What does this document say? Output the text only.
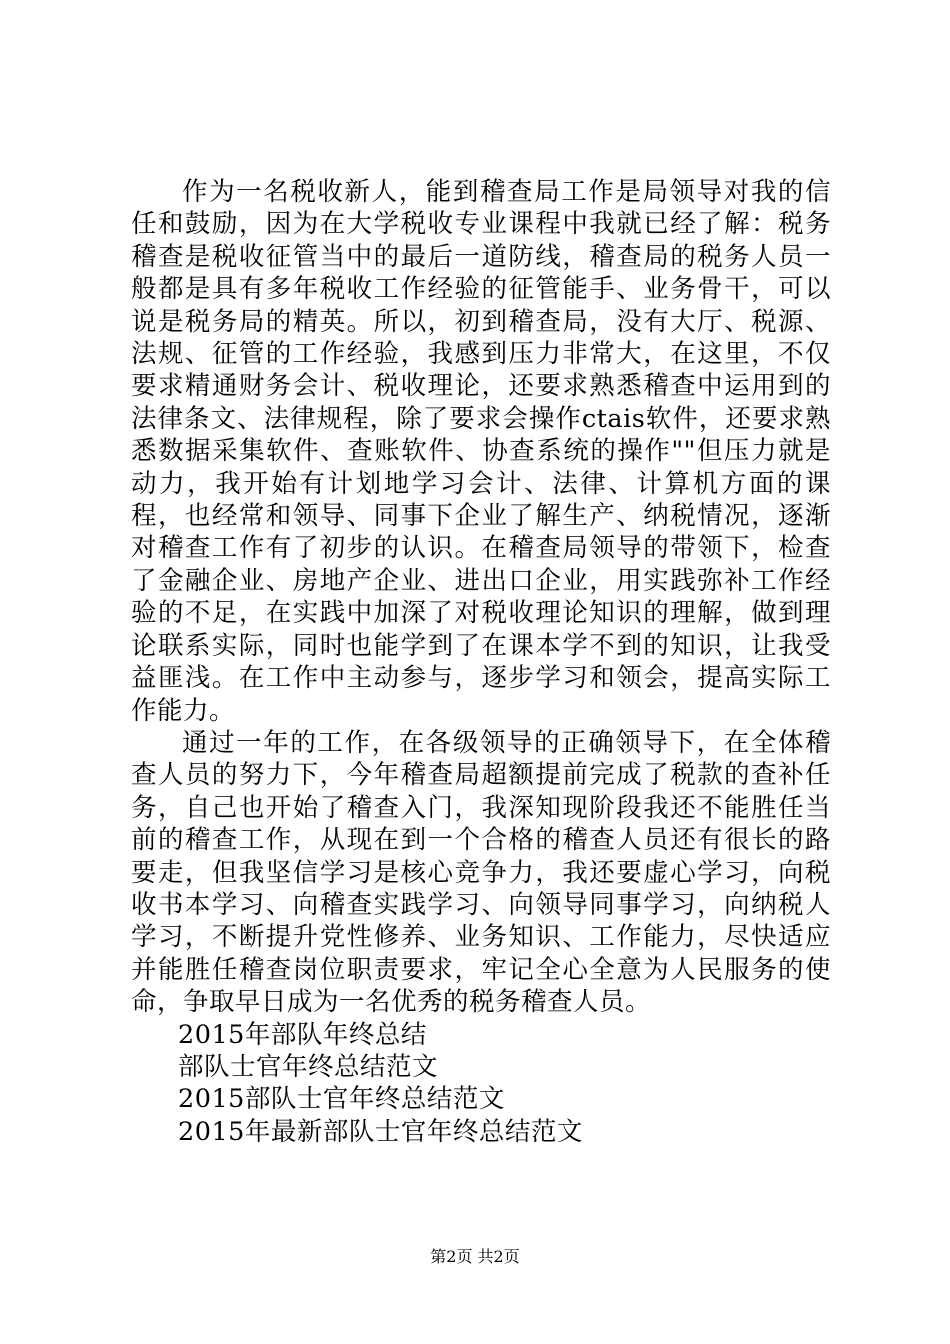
作为一名税收新人，能到稽查局工作是局领导对我的信任和鼓励，因为在大学税收专业课程中我就已经了解：税务稽查是税收征管当中的最后一道防线，稽查局的税务人员一般都是具有多年税收工作经验的征管能手、业务骨干，可以说是税务局的精英。所以，初到稽查局，没有大厅、税源、法规、征管的工作经验，我感到压力非常大，在这里，不仅要求精通财务会计、税收理论，还要求熟悉稽查中运用到的法律条文、法律规程，除了要求会操作ctais软件，还要求熟悉数据采集软件、查账软件、协查系统的操作""但压力就是动力，我开始有计划地学习会计、法律、计算机方面的课程，也经常和领导、同事下企业了解生产、纳税情况，逐渐对稽查工作有了初步的认识。在稽查局领导的带领下，检查了金融企业、房地产企业、进出口企业，用实践弥补工作经验的不足，在实践中加深了对税收理论知识的理解，做到理论联系实际，同时也能学到了在课本学不到的知识，让我受益匪浅。在工作中主动参与，逐步学习和领会，提高实际工作能力。

通过一年的工作，在各级领导的正确领导下，在全体稽查人员的努力下，今年稽查局超额提前完成了税款的查补任务，自己也开始了稽查入门，我深知现阶段我还不能胜任当前的稽查工作，从现在到一个合格的稽查人员还有很长的路要走，但我坚信学习是核心竞争力，我还要虚心学习，向税收书本学习、向稽查实践学习、向领导同事学习，向纳税人学习，不断提升党性修养、业务知识、工作能力，尽快适应并能胜任稽查岗位职责要求，牢记全心全意为人民服务的使命，争取早日成为一名优秀的税务稽查人员。

2015年部队年终总结

部队士官年终总结范文

2015部队士官年终总结范文

2015年最新部队士官年终总结范文

第2页 共2页
